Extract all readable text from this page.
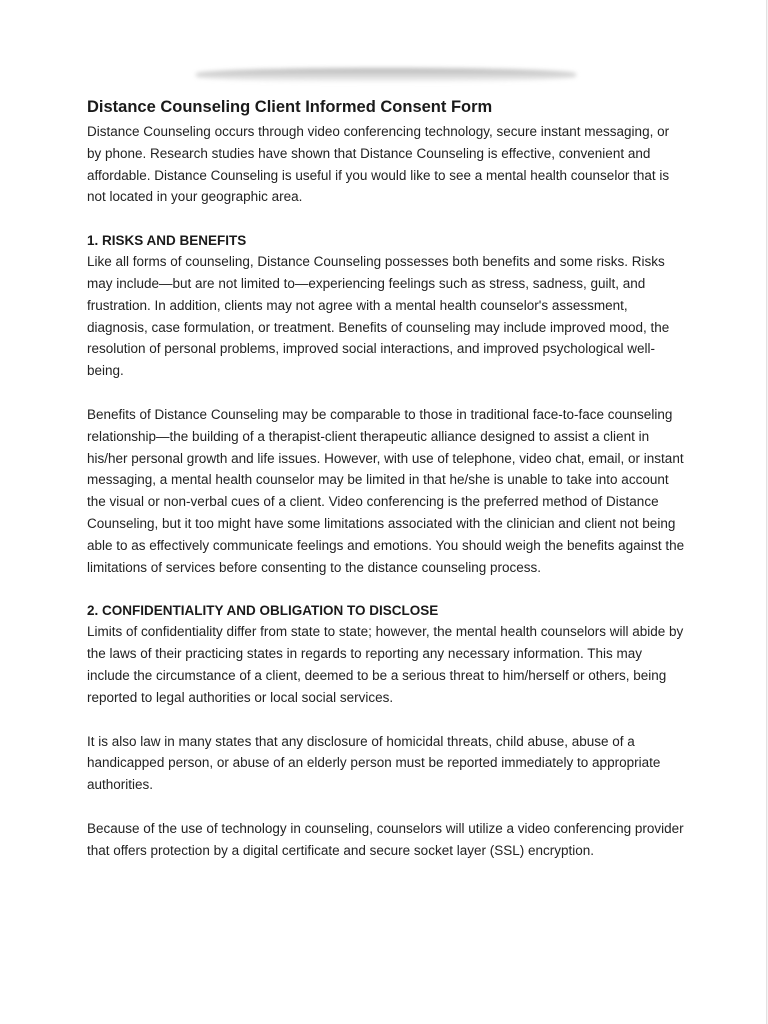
Distance Counseling Client Informed Consent Form

Distance Counseling occurs through video conferencing technology, secure instant messaging, or by phone. Research studies have shown that Distance Counseling is effective, convenient and affordable. Distance Counseling is useful if you would like to see a mental health counselor that is not located in your geographic area.

1. RISKS AND BENEFITS

Like all forms of counseling, Distance Counseling possesses both benefits and some risks. Risks may include—but are not limited to—experiencing feelings such as stress, sadness, guilt, and frustration. In addition, clients may not agree with a mental health counselor's assessment, diagnosis, case formulation, or treatment. Benefits of counseling may include improved mood, the resolution of personal problems, improved social interactions, and improved psychological well-being.

Benefits of Distance Counseling may be comparable to those in traditional face-to-face counseling relationship—the building of a therapist-client therapeutic alliance designed to assist a client in his/her personal growth and life issues. However, with use of telephone, video chat, email, or instant messaging, a mental health counselor may be limited in that he/she is unable to take into account the visual or non-verbal cues of a client. Video conferencing is the preferred method of Distance Counseling, but it too might have some limitations associated with the clinician and client not being able to as effectively communicate feelings and emotions. You should weigh the benefits against the limitations of services before consenting to the distance counseling process.

2. CONFIDENTIALITY AND OBLIGATION TO DISCLOSE

Limits of confidentiality differ from state to state; however, the mental health counselors will abide by the laws of their practicing states in regards to reporting any necessary information. This may include the circumstance of a client, deemed to be a serious threat to him/herself or others, being reported to legal authorities or local social services.

It is also law in many states that any disclosure of homicidal threats, child abuse, abuse of a handicapped person, or abuse of an elderly person must be reported immediately to appropriate authorities.

Because of the use of technology in counseling, counselors will utilize a video conferencing provider that offers protection by a digital certificate and secure socket layer (SSL) encryption.
